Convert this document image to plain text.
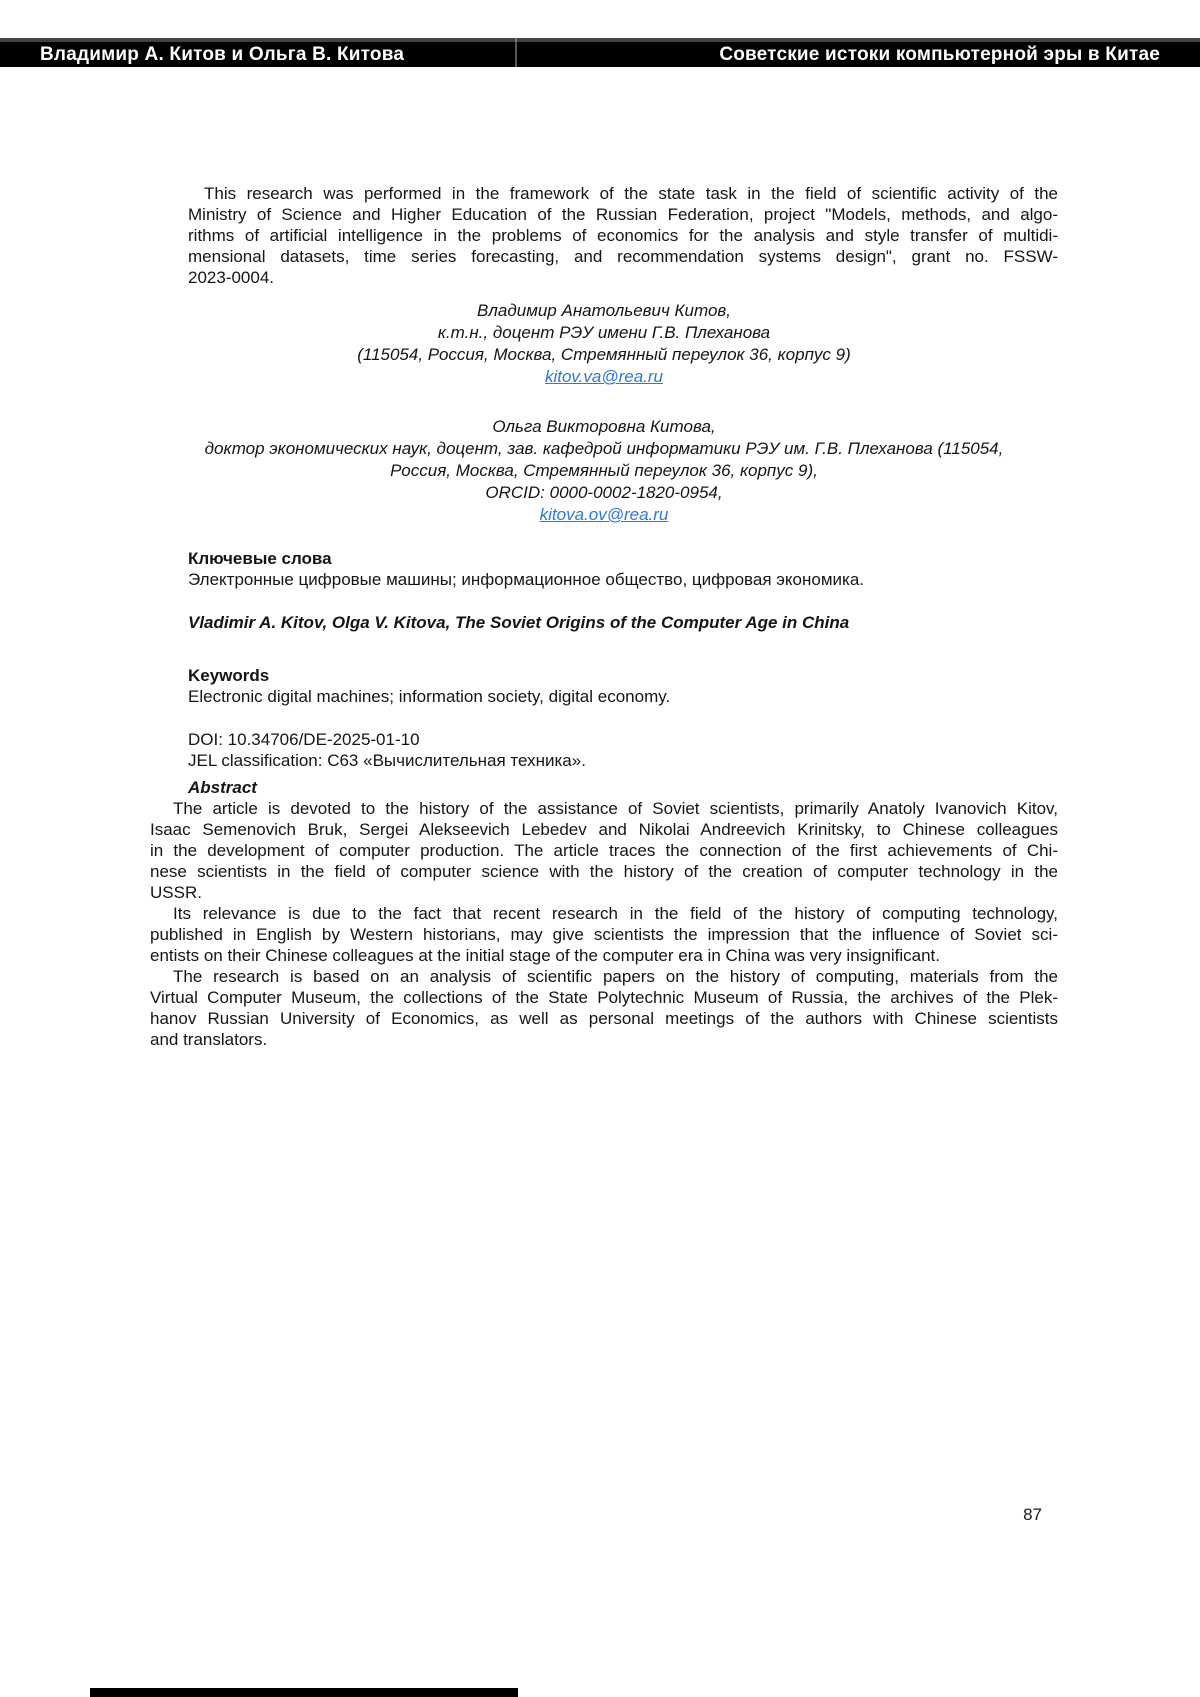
Владимир А. Китов и Ольга В. Китова	Советские истоки компьютерной эры в Китае
This research was performed in the framework of the state task in the field of scientific activity of the
Ministry of Science and Higher Education of the Russian Federation, project "Models, methods, and algo-
rithms of artificial intelligence in the problems of economics for the analysis and style transfer of multidi-
mensional datasets, time series forecasting, and recommendation systems design", grant no. FSSW-
2023-0004.
Владимир Анатольевич Китов,
к.т.н., доцент РЭУ имени Г.В. Плеханова
(115054, Россия, Москва, Стремянный переулок 36, корпус 9)
kitov.va@rea.ru
Ольга Викторовна Китова,
доктор экономических наук, доцент, зав. кафедрой информатики РЭУ им. Г.В. Плеханова (115054,
Россия, Москва, Стремянный переулок 36, корпус 9),
ORCID: 0000-0002-1820-0954,
kitova.ov@rea.ru
Ключевые слова
Электронные цифровые машины; информационное общество, цифровая экономика.
Vladimir A. Kitov, Olga V. Kitova, The Soviet Origins of the Computer Age in China
Keywords
Electronic digital machines; information society, digital economy.
DOI: 10.34706/DE-2025-01-10
JEL classification: C63 «Вычислительная техника».
Abstract
The article is devoted to the history of the assistance of Soviet scientists, primarily Anatoly Ivanovich Kitov,
Isaac Semenovich Bruk, Sergei Alekseevich Lebedev and Nikolai Andreevich Krinitsky, to Chinese colleagues
in the development of computer production. The article traces the connection of the first achievements of Chi-
nese scientists in the field of computer science with the history of the creation of computer technology in the
USSR.
Its relevance is due to the fact that recent research in the field of the history of computing technology,
published in English by Western historians, may give scientists the impression that the influence of Soviet sci-
entists on their Chinese colleagues at the initial stage of the computer era in China was very insignificant.
The research is based on an analysis of scientific papers on the history of computing, materials from the
Virtual Computer Museum, the collections of the State Polytechnic Museum of Russia, the archives of the Plek-
hanov Russian University of Economics, as well as personal meetings of the authors with Chinese scientists
and translators.
87
